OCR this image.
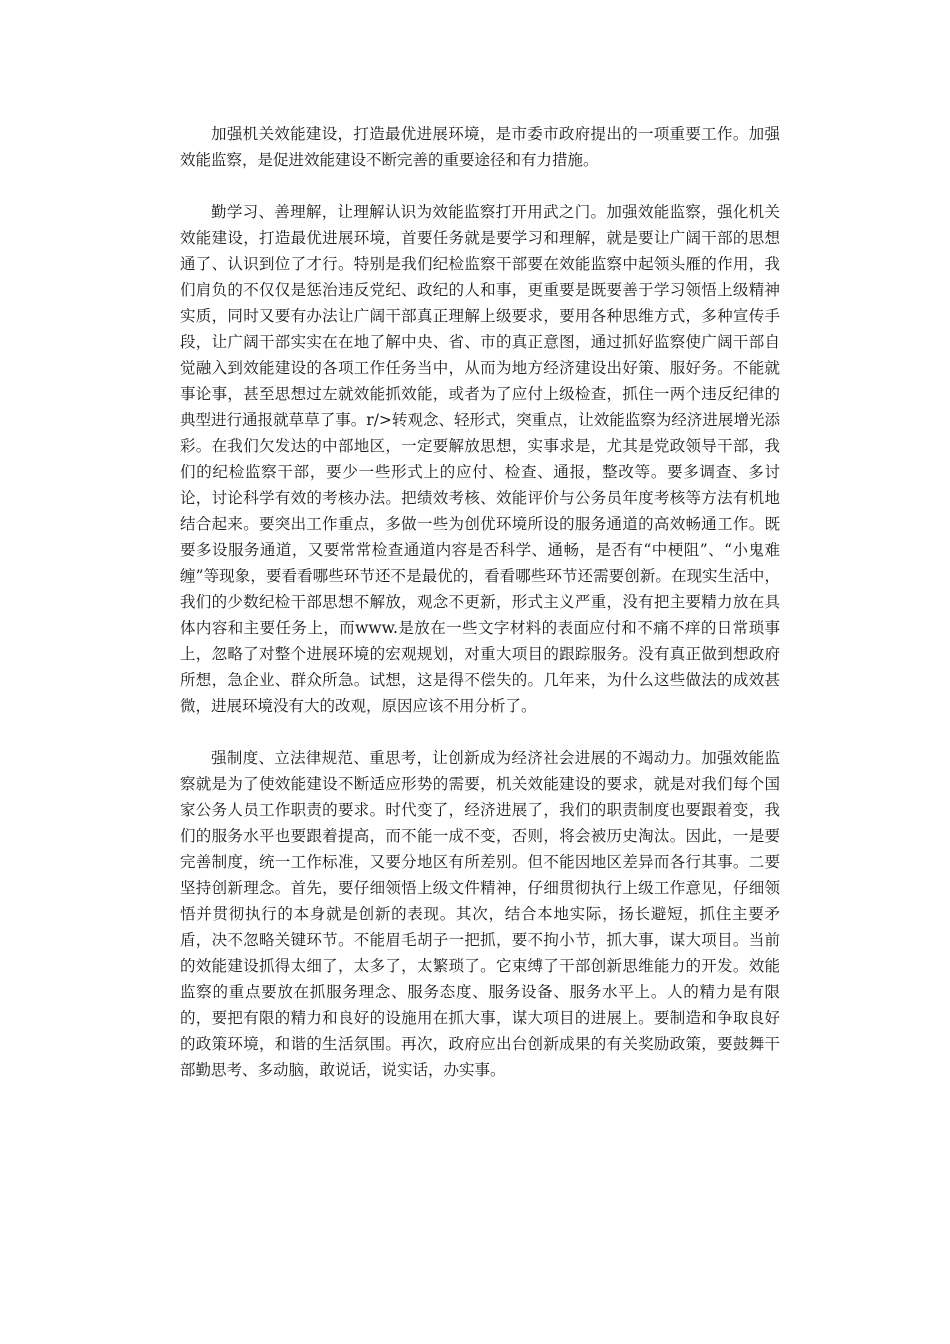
加强机关效能建设，打造最优进展环境，是市委市政府提出的一项重要工作。加强效能监察，是促进效能建设不断完善的重要途径和有力措施。

勤学习、善理解，让理解认识为效能监察打开用武之门。加强效能监察，强化机关效能建设，打造最优进展环境，首要任务就是要学习和理解，就是要让广阔干部的思想通了、认识到位了才行。特别是我们纪检监察干部要在效能监察中起领头雁的作用，我们肩负的不仅仅是惩治违反党纪、政纪的人和事，更重要是既要善于学习领悟上级精神实质，同时又要有办法让广阔干部真正理解上级要求，要用各种思维方式，多种宣传手段，让广阔干部实实在在地了解中央、省、市的真正意图，通过抓好监察使广阔干部自觉融入到效能建设的各项工作任务当中，从而为地方经济建设出好策、服好务。不能就事论事，甚至思想过左就效能抓效能，或者为了应付上级检查，抓住一两个违反纪律的典型进行通报就草草了事。r/>转观念、轻形式，突重点，让效能监察为经济进展增光添彩。在我们欠发达的中部地区，一定要解放思想，实事求是，尤其是党政领导干部，我们的纪检监察干部，要少一些形式上的应付、检查、通报，整改等。要多调查、多讨论，讨论科学有效的考核办法。把绩效考核、效能评价与公务员年度考核等方法有机地结合起来。要突出工作重点，多做一些为创优环境所设的服务通道的高效畅通工作。既要多设服务通道，又要常常检查通道内容是否科学、通畅，是否有“中梗阻”、“小鬼难缠”等现象，要看看哪些环节还不是最优的，看看哪些环节还需要创新。在现实生活中，我们的少数纪检干部思想不解放，观念不更新，形式主义严重，没有把主要精力放在具体内容和主要任务上，而www.是放在一些文字材料的表面应付和不痛不痒的日常琐事上，忽略了对整个进展环境的宏观规划，对重大项目的跟踪服务。没有真正做到想政府所想，急企业、群众所急。试想，这是得不偿失的。几年来，为什么这些做法的成效甚微，进展环境没有大的改观，原因应该不用分析了。

强制度、立法律规范、重思考，让创新成为经济社会进展的不竭动力。加强效能监察就是为了使效能建设不断适应形势的需要，机关效能建设的要求，就是对我们每个国家公务人员工作职责的要求。时代变了，经济进展了，我们的职责制度也要跟着变，我们的服务水平也要跟着提高，而不能一成不变，否则，将会被历史淘汰。因此，一是要完善制度，统一工作标准，又要分地区有所差别。但不能因地区差异而各行其事。二要坚持创新理念。首先，要仔细领悟上级文件精神，仔细贯彻执行上级工作意见，仔细领悟并贯彻执行的本身就是创新的表现。其次，结合本地实际，扬长避短，抓住主要矛盾，决不忽略关键环节。不能眉毛胡子一把抓，要不拘小节，抓大事，谋大项目。当前的效能建设抓得太细了，太多了，太繁琐了。它束缚了干部创新思维能力的开发。效能监察的重点要放在抓服务理念、服务态度、服务设备、服务水平上。人的精力是有限的，要把有限的精力和良好的设施用在抓大事，谋大项目的进展上。要制造和争取良好的政策环境，和谐的生活氛围。再次，政府应出台创新成果的有关奖励政策，要鼓舞干部勤思考、多动脑，敢说话，说实话，办实事。
